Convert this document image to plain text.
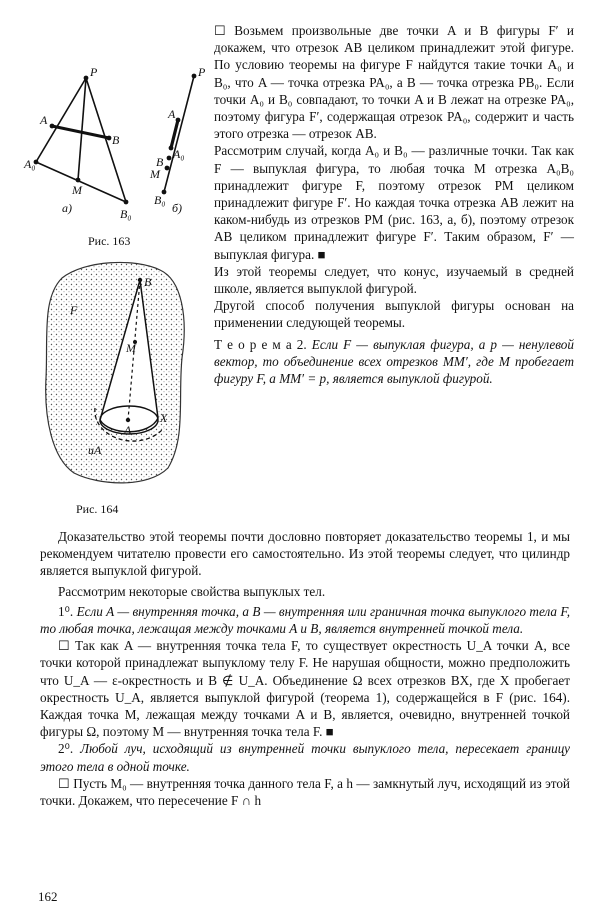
P
A
B
A₀
M
B₀
а)
P
A
B
M
A₀
B₀
б)
Рис. 163
F
B
M
A
X
uA
Рис. 164

☐ Возьмем произвольные две точки A и B фигуры F′ и докажем, что отрезок AB целиком принадлежит этой фигуре. По условию теоремы на фигуре F найдутся такие точки A₀ и B₀, что A — точка отрезка PA₀, а B — точка отрезка PB₀. Если точки A₀ и B₀ совпадают, то точки A и B лежат на отрезке PA₀, поэтому фигура F′, содержащая отрезок PA₀, содержит и часть этого отрезка — отрезок AB.

Рассмотрим случай, когда A₀ и B₀ — различные точки. Так как F — выпуклая фигура, то любая точка M отрезка A₀B₀ принадлежит фигуре F, поэтому отрезок PM целиком принадлежит фигуре F′. Но каждая точка отрезка AB лежит на каком-нибудь из отрезков PM (рис. 163, а, б), поэтому отрезок AB целиком принадлежит фигуре F′. Таким образом, F′ — выпуклая фигура. ■

Из этой теоремы следует, что конус, изучаемый в средней школе, является выпуклой фигурой.

Другой способ получения выпуклой фигуры основан на применении следующей теоремы.

Т е о р е м а 2. Если F — выпуклая фигура, а p — ненулевой вектор, то объединение всех отрезков MM′, где M пробегает фигуру F, а MM′ = p, является выпуклой фигурой.

Доказательство этой теоремы почти дословно повторяет доказательство теоремы 1, и мы рекомендуем читателю провести его самостоятельно. Из этой теоремы следует, что цилиндр является выпуклой фигурой.

Рассмотрим некоторые свойства выпуклых тел.

1⁰. Если A — внутренняя точка, а B — внутренняя или граничная точка выпуклого тела F, то любая точка, лежащая между точками A и B, является внутренней точкой тела.

☐ Так как A — внутренняя точка тела F, то существует окрестность U_A точки A, все точки которой принадлежат выпуклому телу F. Не нарушая общности, можно предположить что U_A — ε-окрестность и B ∉ U_A. Объединение Ω всех отрезков BX, где X пробегает окрестность U_A, является выпуклой фигурой (теорема 1), содержащейся в F (рис. 164). Каждая точка M, лежащая между точками A и B, является, очевидно, внутренней точкой фигуры Ω, поэтому M — внутренняя точка тела F. ■

2⁰. Любой луч, исходящий из внутренней точки выпуклого тела, пересекает границу этого тела в одной точке.

☐ Пусть M₀ — внутренняя точка данного тела F, а h — замкнутый луч, исходящий из этой точки. Докажем, что пересечение F ∩ h

162
